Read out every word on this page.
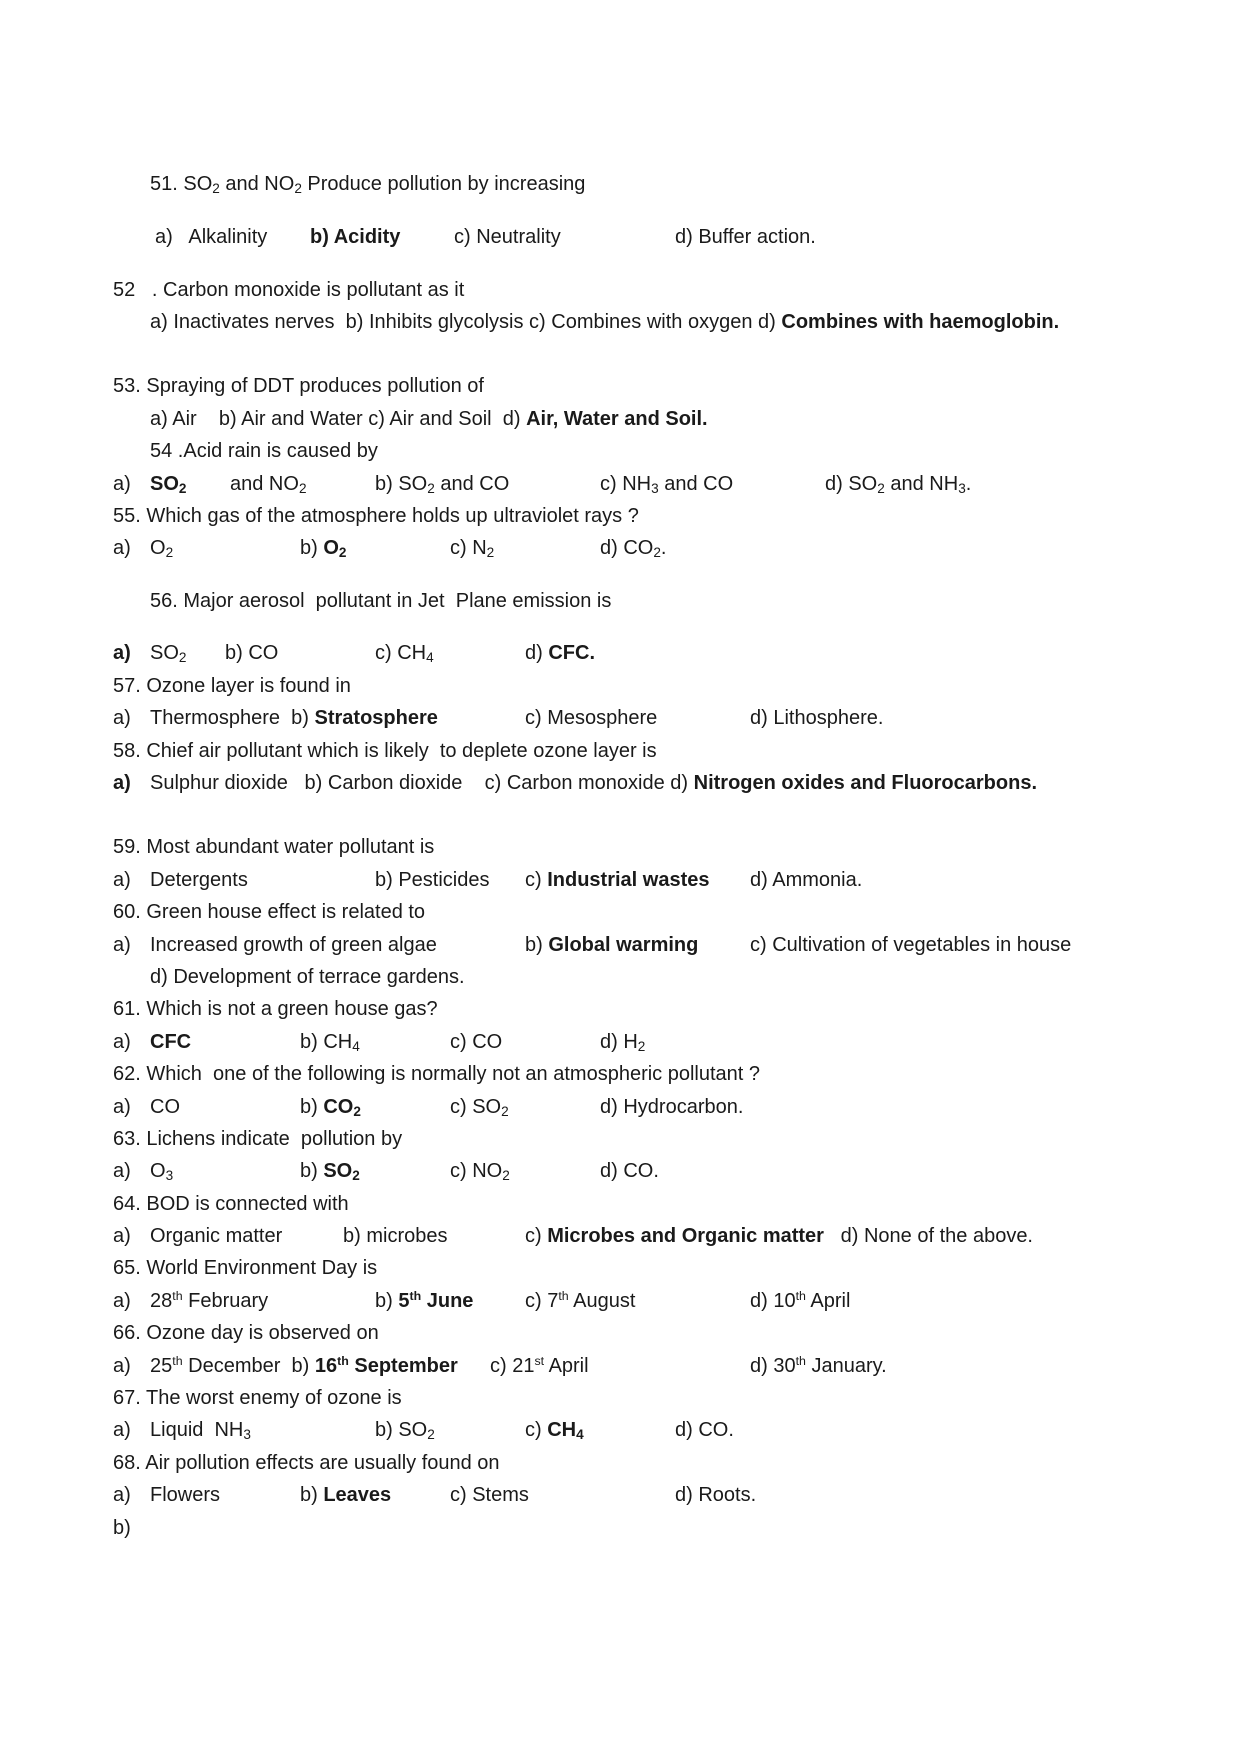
51. $SO_2$ and $NO_2$ Produce pollution by increasing
a)   Alkalinity b) Acidity	c) Neutrality	d) Buffer action.
52   . Carbon monoxide is pollutant as it
a) Inactivates nerves  b) Inhibits glycolysis c) Combines with oxygen d) Combines with haemoglobin.
53. Spraying of DDT produces pollution of
a) Air    b) Air and Water c) Air and Soil  d) Air, Water and Soil.
54 .Acid rain is caused by
a) $SO_2$ and $NO_2$	b) $SO_2$ and CO	c) $NH_3$ and CO	d) $SO_2$ and $NH_3$.
55. Which gas of the atmosphere holds up ultraviolet rays ?
a) $O_2$	b) $O_2$	c) $N_2$	d) $CO_2$.
56. Major aerosol  pollutant in Jet  Plane emission is
a) $SO_2$ b) CO	c) $CH_4$	d) CFC.
57. Ozone layer is found in
a) Thermosphere  b) Stratosphere	c) Mesosphere	d) Lithosphere.
58. Chief air pollutant which is likely  to deplete ozone layer is
a) Sulphur dioxide   b) Carbon dioxide    c) Carbon monoxide d) Nitrogen oxides and Fluorocarbons.
59. Most abundant water pollutant is
a) Detergents	b) Pesticides c) Industrial wastes d) Ammonia.
60. Green house effect is related to
a) Increased growth of green algae	b) Global warming	c) Cultivation of vegetables in house
d) Development of terrace gardens.
61. Which is not a green house gas?
a) CFC	b) $CH_4$	c) CO	d) $H_2$
62. Which  one of the following is normally not an atmospheric pollutant ?
a) CO	b) $CO_2$	c) $SO_2$	d) Hydrocarbon.
63. Lichens indicate  pollution by
a) $O_3$	b) $SO_2$	c) $NO_2$	d) CO.
64. BOD is connected with
a) Organic matter	b) microbes	c) Microbes and Organic matter   d) None of the above.
65. World Environment Day is
a) 28th February	b) 5th June	c) 7th August	d) 10th April
66. Ozone day is observed on
a) 25th December  b) 16th September c) 21st April	d) 30th January.
67. The worst enemy of ozone is
a) Liquid  $NH_3$	b) $SO_2$	c) $CH_4$	d) CO.
68. Air pollution effects are usually found on
a) Flowers	b) Leaves	c) Stems	d) Roots.
b)
